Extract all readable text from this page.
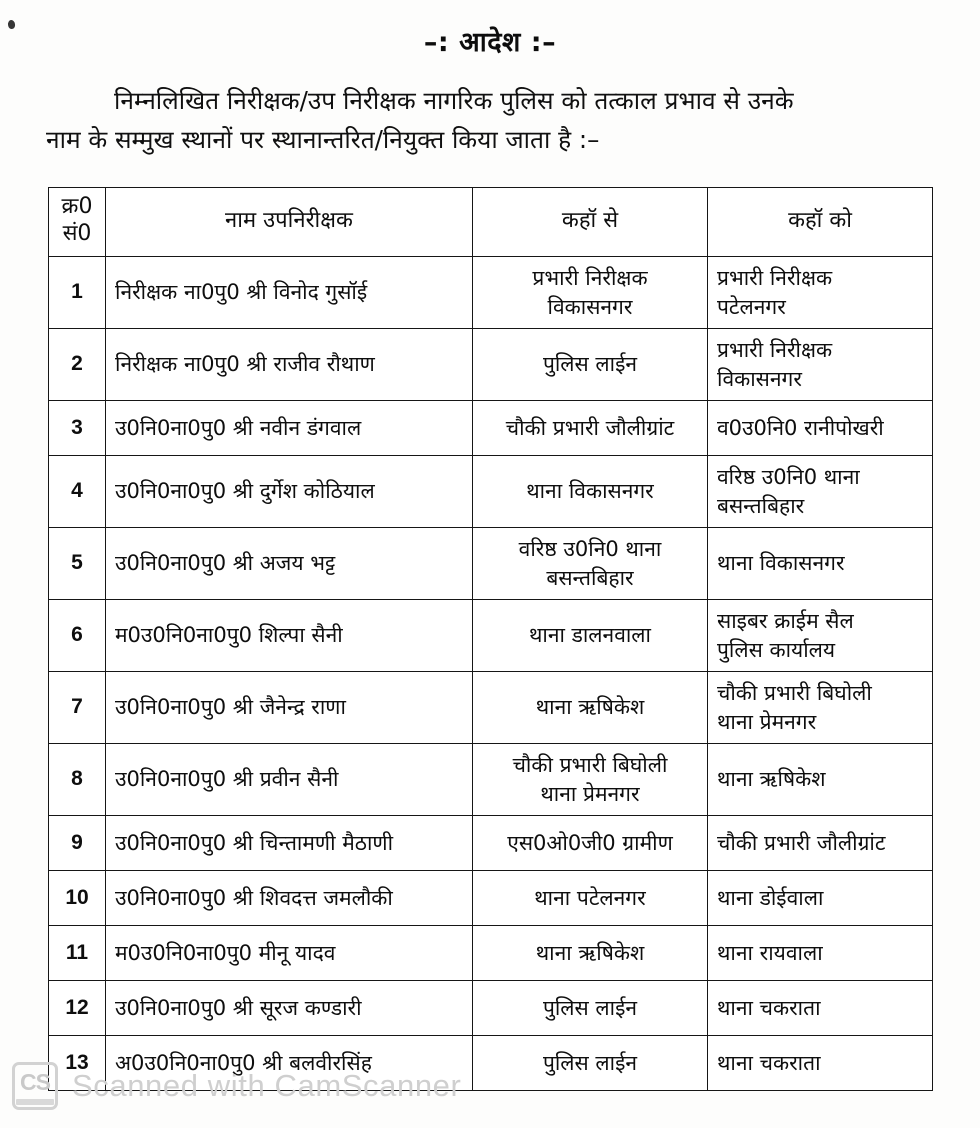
–: आदेश :–
निम्नलिखित निरीक्षक/उप निरीक्षक नागरिक पुलिस को तत्काल प्रभाव से उनके
नाम के सम्मुख स्थानों पर स्थानान्तरित/नियुक्त किया जाता है :–
क्र0
सं0	नाम उपनिरीक्षक	कहॉ से	कहॉ को
1	निरीक्षक ना0पु0 श्री विनोद गुसॉई	प्रभारी निरीक्षक
विकासनगर	प्रभारी निरीक्षक
पटेलनगर

2	निरीक्षक ना0पु0 श्री राजीव रौथाण	पुलिस लाईन	प्रभारी निरीक्षक
विकासनगर

3	उ0नि0ना0पु0 श्री नवीन डंगवाल	चौकी प्रभारी जौलीग्रांट	व0उ0नि0 रानीपोखरी

4	उ0नि0ना0पु0 श्री दुर्गेश कोठियाल	थाना विकासनगर	वरिष्ठ उ0नि0 थाना
बसन्तबिहार

5	उ0नि0ना0पु0 श्री अजय भट्ट	वरिष्ठ उ0नि0 थाना
बसन्तबिहार	थाना विकासनगर

6	म0उ0नि0ना0पु0 शिल्पा सैनी	थाना डालनवाला	साइबर क्राईम सैल
पुलिस कार्यालय

7	उ0नि0ना0पु0 श्री जैनेन्द्र राणा	थाना ऋषिकेश	चौकी प्रभारी बिघोली
थाना प्रेमनगर

8	उ0नि0ना0पु0 श्री प्रवीन सैनी	चौकी प्रभारी बिघोली
थाना प्रेमनगर	थाना ऋषिकेश

9	उ0नि0ना0पु0 श्री चिन्तामणी मैठाणी	एस0ओ0जी0 ग्रामीण	चौकी प्रभारी जौलीग्रांट

10	उ0नि0ना0पु0 श्री शिवदत्त जमलौकी	थाना पटेलनगर	थाना डोईवाला

11	म0उ0नि0ना0पु0 मीनू यादव	थाना ऋषिकेश	थाना रायवाला

12	उ0नि0ना0पु0 श्री सूरज कण्डारी	पुलिस लाईन	थाना चकराता

13	अ0उ0नि0ना0पु0 श्री बलवीरसिंह	पुलिस लाईन	थाना चकराता
CS Scanned with CamScanner
